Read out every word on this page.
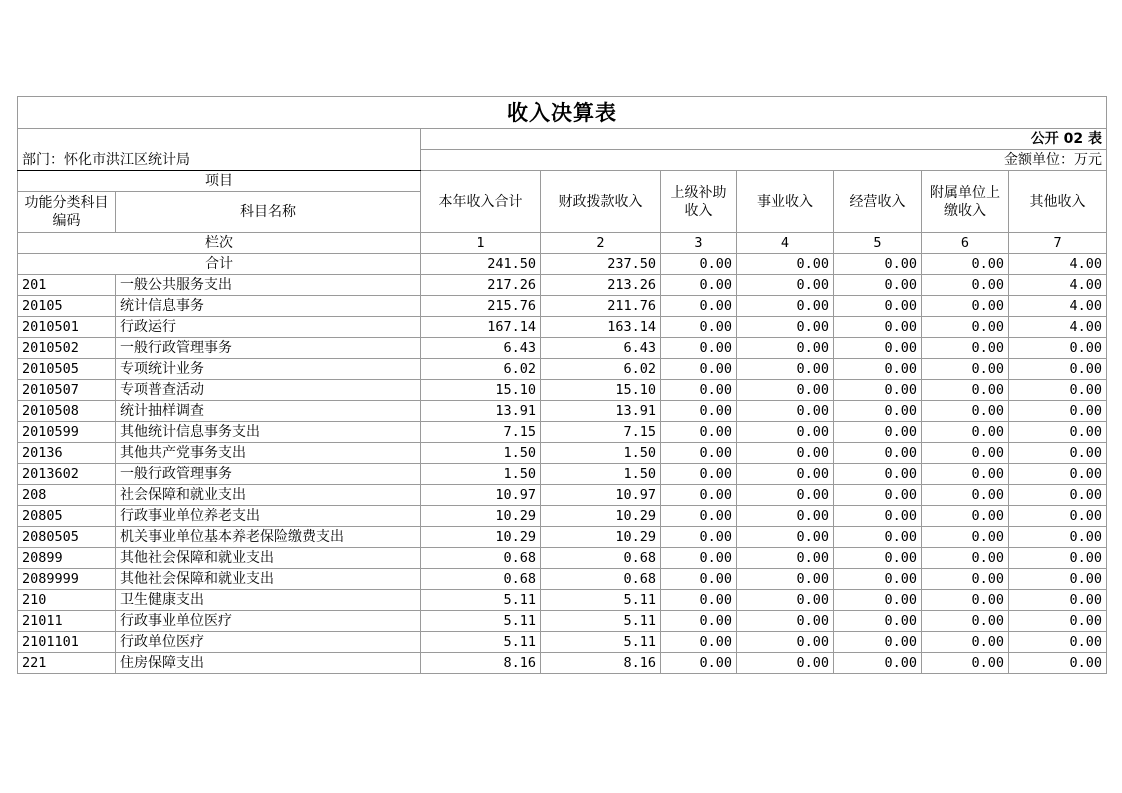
收入决算表								
		公开 02 表						
部门：怀化市洪江区统计局		金额单位：万元						
项目		本年收入合计	财政拨款收入	上级补助收入	事业收入	经营收入	附属单位上缴收入	其他收入
功能分类科目编码	科目名称							
栏次		1	2	3	4	5	6	7
合计		241.50	237.50	0.00	0.00	0.00	0.00	4.00
201	一般公共服务支出	217.26	213.26	0.00	0.00	0.00	0.00	4.00
20105	统计信息事务	215.76	211.76	0.00	0.00	0.00	0.00	4.00
2010501	行政运行	167.14	163.14	0.00	0.00	0.00	0.00	4.00
2010502	一般行政管理事务	6.43	6.43	0.00	0.00	0.00	0.00	0.00
2010505	专项统计业务	6.02	6.02	0.00	0.00	0.00	0.00	0.00
2010507	专项普查活动	15.10	15.10	0.00	0.00	0.00	0.00	0.00
2010508	统计抽样调查	13.91	13.91	0.00	0.00	0.00	0.00	0.00
2010599	其他统计信息事务支出	7.15	7.15	0.00	0.00	0.00	0.00	0.00
20136	其他共产党事务支出	1.50	1.50	0.00	0.00	0.00	0.00	0.00
2013602	一般行政管理事务	1.50	1.50	0.00	0.00	0.00	0.00	0.00
208	社会保障和就业支出	10.97	10.97	0.00	0.00	0.00	0.00	0.00
20805	行政事业单位养老支出	10.29	10.29	0.00	0.00	0.00	0.00	0.00
2080505	机关事业单位基本养老保险缴费支出	10.29	10.29	0.00	0.00	0.00	0.00	0.00
20899	其他社会保障和就业支出	0.68	0.68	0.00	0.00	0.00	0.00	0.00
2089999	其他社会保障和就业支出	0.68	0.68	0.00	0.00	0.00	0.00	0.00
210	卫生健康支出	5.11	5.11	0.00	0.00	0.00	0.00	0.00
21011	行政事业单位医疗	5.11	5.11	0.00	0.00	0.00	0.00	0.00
2101101	行政单位医疗	5.11	5.11	0.00	0.00	0.00	0.00	0.00
221	住房保障支出	8.16	8.16	0.00	0.00	0.00	0.00	0.00
